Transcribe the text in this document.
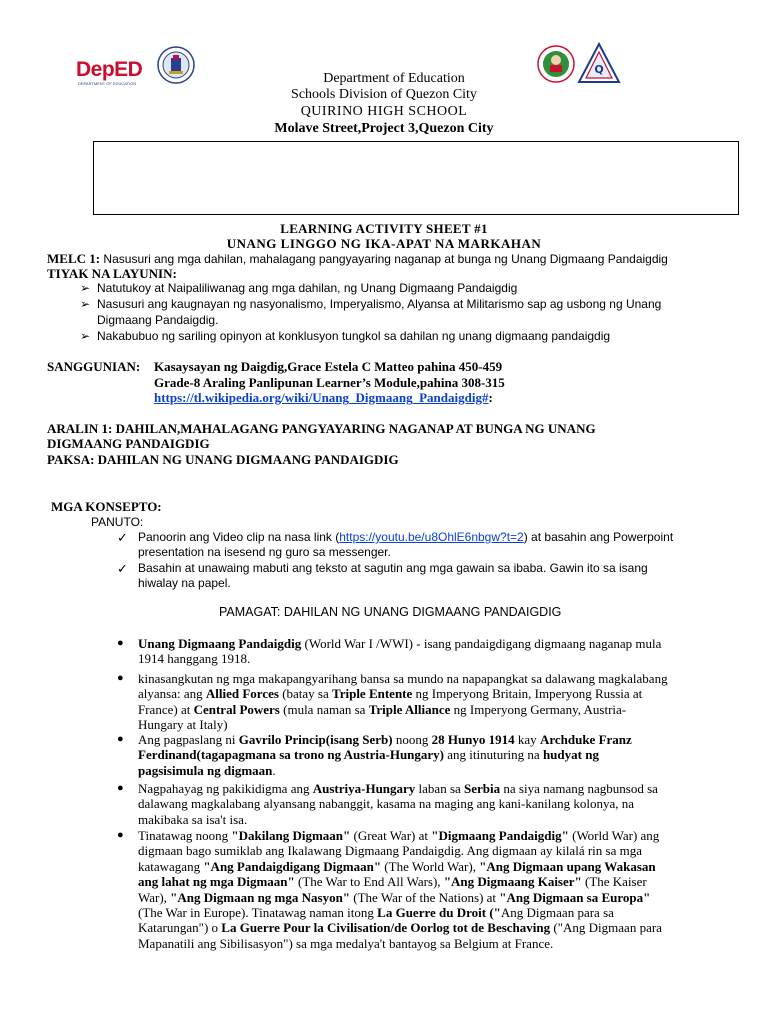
DepED
DEPARTMENT OF EDUCATION
Q
Department of Education
Schools Division of Quezon City
QUIRINO HIGH SCHOOL
Molave Street,Project 3,Quezon City
LEARNING ACTIVITY SHEET #1
UNANG LINGGO NG IKA-APAT NA MARKAHAN
MELC 1: Nasusuri ang mga dahilan, mahalagang pangyayaring naganap at bunga ng Unang Digmaang Pandaigdig
TIYAK NA LAYUNIN:
➢ Natutukoy at Naipaliliwanag ang mga dahilan, ng Unang Digmaang Pandaigdig
➢ Nasusuri ang kaugnayan ng nasyonalismo, Imperyalismo, Alyansa at Militarismo sap ag usbong ng Unang
Digmaang Pandaigdig.
➢ Nakabubuo ng sariling opinyon at konklusyon tungkol sa dahilan ng unang digmaang pandaigdig
SANGGUNIAN: Kasaysayan ng Daigdig,Grace Estela C Matteo pahina 450-459
Grade-8 Araling Panlipunan Learner’s Module,pahina 308-315
https://tl.wikipedia.org/wiki/Unang_Digmaang_Pandaigdig#:
ARALIN 1: DAHILAN,MAHALAGANG PANGYAYARING NAGANAP AT BUNGA NG UNANG
DIGMAANG PANDAIGDIG
PAKSA: DAHILAN NG UNANG DIGMAANG PANDAIGDIG
MGA KONSEPTO:
PANUTO:
✓ Panoorin ang Video clip na nasa link (https://youtu.be/u8OhlE6nbgw?t=2) at basahin ang Powerpoint
presentation na isesend ng guro sa messenger.
✓ Basahin at unawaing mabuti ang teksto at sagutin ang mga gawain sa ibaba. Gawin ito sa isang
hiwalay na papel.
PAMAGAT: DAHILAN NG UNANG DIGMAANG PANDAIGDIG
● Unang Digmaang Pandaigdig (World War I /WWI) - isang pandaigdigang digmaang naganap mula
1914 hanggang 1918.
● kinasangkutan ng mga makapangyarihang bansa sa mundo na napapangkat sa dalawang magkalabang
alyansa: ang Allied Forces (batay sa Triple Entente ng Imperyong Britain, Imperyong Russia at
France) at Central Powers (mula naman sa Triple Alliance ng Imperyong Germany, Austria-
Hungary at Italy)
● Ang pagpaslang ni Gavrilo Princip(isang Serb) noong 28 Hunyo 1914 kay Archduke Franz
Ferdinand(tagapagmana sa trono ng Austria-Hungary) ang itinuturing na hudyat ng
pagsisimula ng digmaan.
● Nagpahayag ng pakikidigma ang Austriya-Hungary laban sa Serbia na siya namang nagbunsod sa
dalawang magkalabang alyansang nabanggit, kasama na maging ang kani-kanilang kolonya, na
makibaka sa isa't isa.
● Tinatawag noong "Dakilang Digmaan" (Great War) at "Digmaang Pandaigdig" (World War) ang
digmaan bago sumiklab ang Ikalawang Digmaang Pandaigdig. Ang digmaan ay kilalá rin sa mga
katawagang "Ang Pandaigdigang Digmaan" (The World War), "Ang Digmaan upang Wakasan
ang lahat ng mga Digmaan" (The War to End All Wars), "Ang Digmaang Kaiser" (The Kaiser
War), "Ang Digmaan ng mga Nasyon" (The War of the Nations) at "Ang Digmaan sa Europa"
(The War in Europe). Tinatawag naman itong La Guerre du Droit ("Ang Digmaan para sa
Katarungan") o La Guerre Pour la Civilisation/de Oorlog tot de Beschaving ("Ang Digmaan para
Mapanatili ang Sibilisasyon") sa mga medalya't bantayog sa Belgium at France.
